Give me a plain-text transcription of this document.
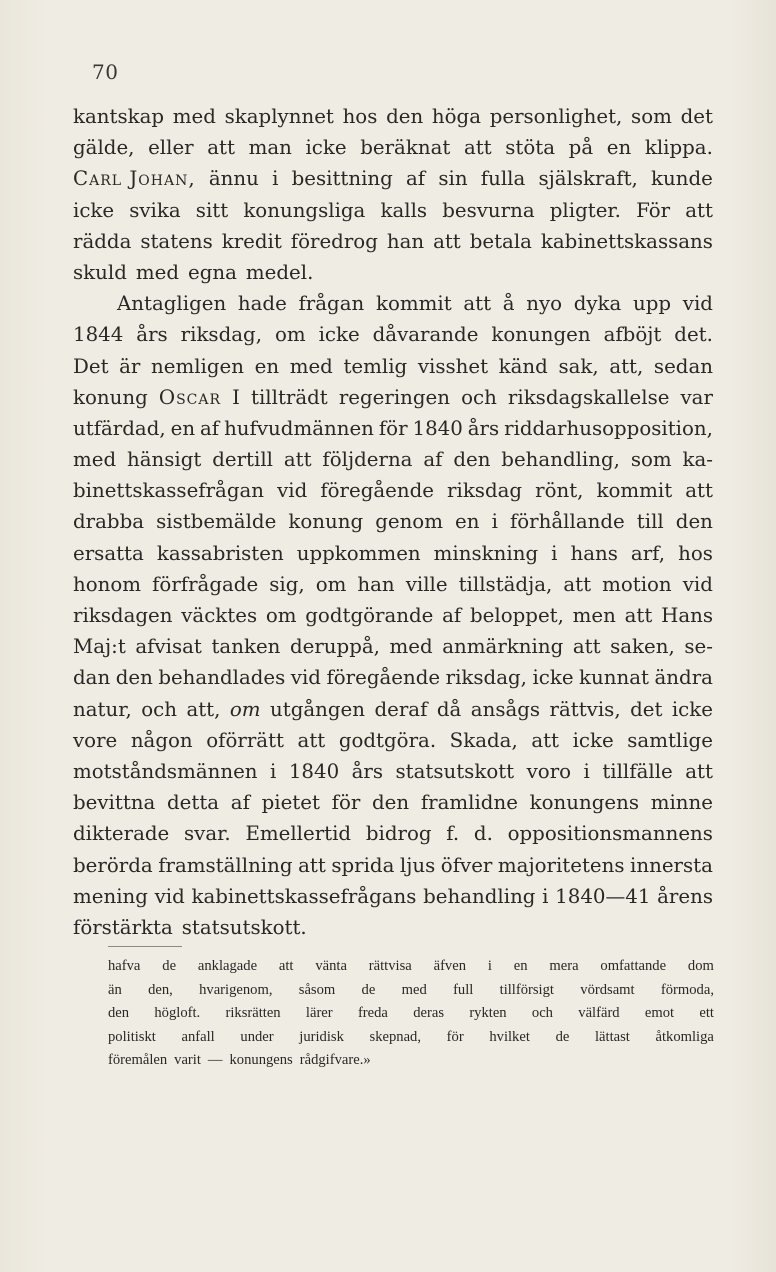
70
kantskap med skaplynnet hos den höga personlighet, som det
gälde, eller att man icke beräknat att stöta på en klippa.
Carl Johan, ännu i besittning af sin fulla själskraft, kunde
icke svika sitt konungsliga kalls besvurna pligter. För att
rädda statens kredit föredrog han att betala kabinettskassans
skuld med egna medel.
Antagligen hade frågan kommit att å nyo dyka upp vid
1844 års riksdag, om icke dåvarande konungen afböjt det.
Det är nemligen en med temlig visshet känd sak, att, sedan
konung Oscar I tillträdt regeringen och riksdagskallelse var
utfärdad, en af hufvudmännen för 1840 års riddarhusopposition,
med hänsigt dertill att följderna af den behandling, som ka-
binettskassefrågan vid föregående riksdag rönt, kommit att
drabba sistbemälde konung genom en i förhållande till den
ersatta kassabristen uppkommen minskning i hans arf, hos
honom förfrågade sig, om han ville tillstädja, att motion vid
riksdagen väcktes om godtgörande af beloppet, men att Hans
Maj:t afvisat tanken deruppå, med anmärkning att saken, se-
dan den behandlades vid föregående riksdag, icke kunnat ändra
natur, och att, om utgången deraf då ansågs rättvis, det icke
vore någon oförrätt att godtgöra. Skada, att icke samtlige
motståndsmännen i 1840 års statsutskott voro i tillfälle att
bevittna detta af pietet för den framlidne konungens minne
dikterade svar. Emellertid bidrog f. d. oppositionsmannens
berörda framställning att sprida ljus öfver majoritetens innersta
mening vid kabinettskassefrågans behandling i 1840—41 årens
förstärkta statsutskott.
hafva de anklagade att vänta rättvisa äfven i en mera omfattande dom
än den, hvarigenom, såsom de med full tillförsigt vördsamt förmoda,
den högloft. riksrätten lärer freda deras rykten och välfärd emot ett
politiskt anfall under juridisk skepnad, för hvilket de lättast åtkomliga
föremålen varit — konungens rådgifvare.»
